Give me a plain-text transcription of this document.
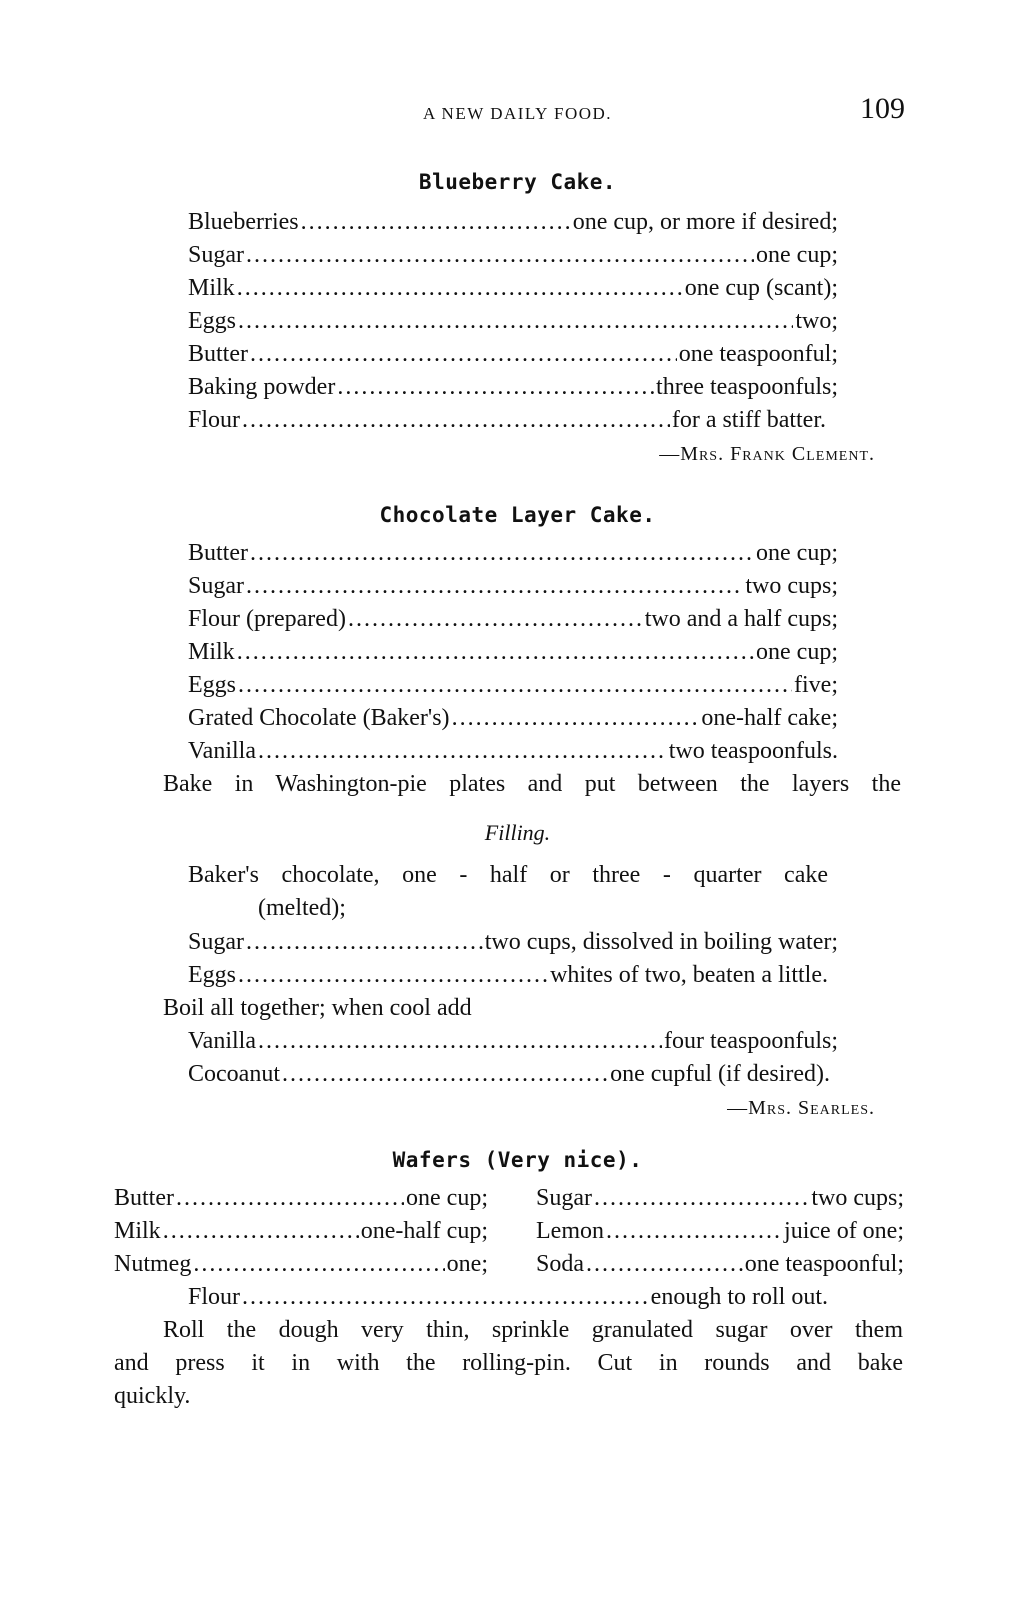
A NEW DAILY FOOD.	109
Blueberry Cake.
Blueberries .....	one cup, or more if desired;
Sugar .....	one cup;
Milk .....	one cup (scant);
Eggs .....	two;
Butter .....	one teaspoonful;
Baking powder .....	three teaspoonfuls;
Flour .....	for a stiff batter.
—Mrs. Frank Clement.
Chocolate Layer Cake.
Butter .....	one cup;
Sugar .....	two cups;
Flour (prepared) .....	two and a half cups;
Milk .....	one cup;
Eggs .....	five;
Grated Chocolate (Baker's) .....	one-half cake;
Vanilla .....	two teaspoonfuls.
Bake in Washington-pie plates and put between the layers the
Filling.
Baker's chocolate, one - half or three - quarter cake
(melted);
Sugar .....	two cups, dissolved in boiling water;
Eggs .....	whites of two, beaten a little.
Boil all together; when cool add
Vanilla .....	four teaspoonfuls;
Cocoanut .....	one cupful (if desired).
—Mrs. Searles.
Wafers (Very nice).
Butter .....	one cup;
Milk .....	one-half cup;
Nutmeg .....	one;
Sugar .....	two cups;
Lemon .....	juice of one;
Soda .....	one teaspoonful;
Flour .....	enough to roll out.
Roll the dough very thin, sprinkle granulated sugar over them
and press it in with the rolling-pin. Cut in rounds and bake
quickly.
